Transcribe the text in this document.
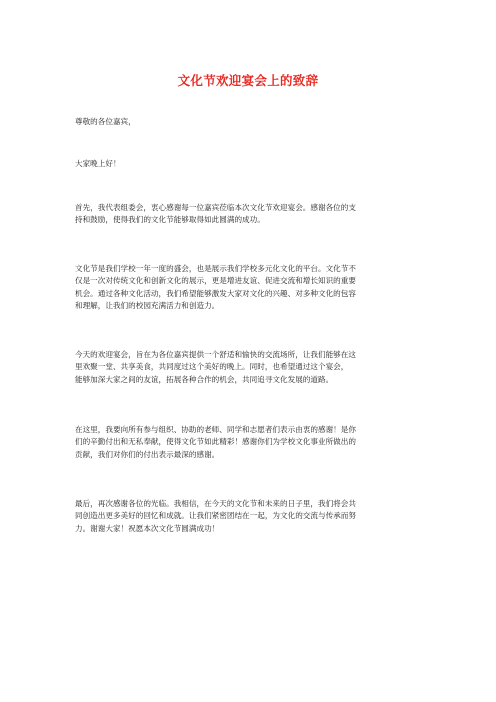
文化节欢迎宴会上的致辞
尊敬的各位嘉宾，
大家晚上好！
首先，我代表组委会，衷心感谢每一位嘉宾莅临本次文化节欢迎宴会。感谢各位的支
持和鼓励，使得我们的文化节能够取得如此圆满的成功。
文化节是我们学校一年一度的盛会，也是展示我们学校多元化文化的平台。文化节不
仅是一次对传统文化和创新文化的展示，更是增进友谊、促进交流和增长知识的重要
机会。通过各种文化活动，我们希望能够激发大家对文化的兴趣、对多种文化的包容
和理解，让我们的校园充满活力和创造力。
今天的欢迎宴会，旨在为各位嘉宾提供一个舒适和愉快的交流场所，让我们能够在这
里欢聚一堂、共享美食，共同度过这个美好的晚上。同时，也希望通过这个宴会，
能够加深大家之间的友谊，拓展各种合作的机会，共同追寻文化发展的道路。
在这里，我要向所有参与组织、协助的老师、同学和志愿者们表示由衷的感谢！是你
们的辛勤付出和无私奉献，使得文化节如此精彩！感谢你们为学校文化事业所做出的
贡献，我们对你们的付出表示最深的感谢。
最后，再次感谢各位的光临。我相信，在今天的文化节和未来的日子里，我们将会共
同创造出更多美好的回忆和成就。让我们紧密团结在一起，为文化的交流与传承而努
力。谢谢大家！祝愿本次文化节圆满成功！
